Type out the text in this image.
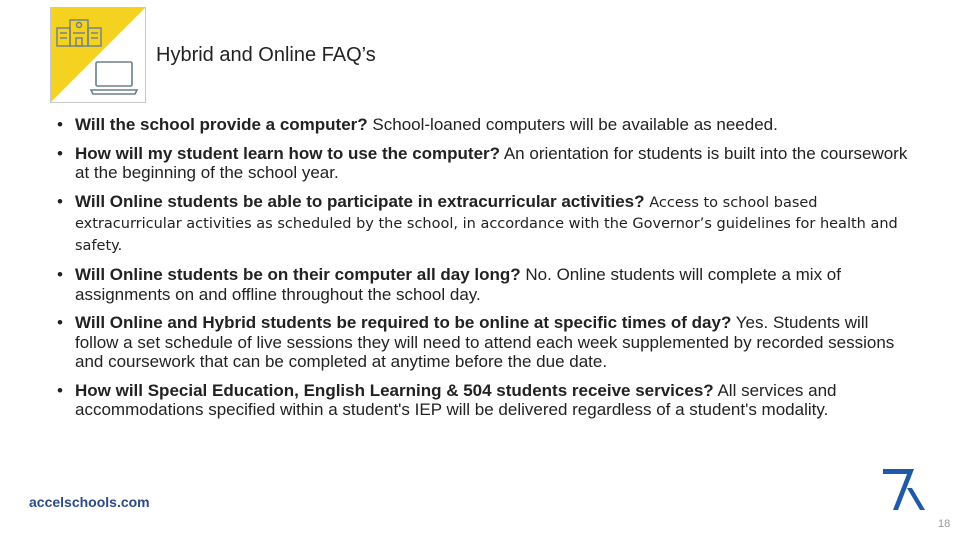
Hybrid and Online FAQ’s
• Will the school provide a computer? School-loaned computers will be available as needed.
• How will my student learn how to use the computer? An orientation for students is built into the coursework at the beginning of the school year.
• Will Online students be able to participate in extracurricular activities? Access to school based extracurricular activities as scheduled by the school, in accordance with the Governor’s guidelines for health and safety.
• Will Online students be on their computer all day long? No. Online students will complete a mix of assignments on and offline throughout the school day.
• Will Online and Hybrid students be required to be online at specific times of day? Yes. Students will follow a set schedule of live sessions they will need to attend each week supplemented by recorded sessions and coursework that can be completed at anytime before the due date.
• How will Special Education, English Learning & 504 students receive services? All services and accommodations specified within a student's IEP will be delivered regardless of a student's modality.
accelschools.com
18
